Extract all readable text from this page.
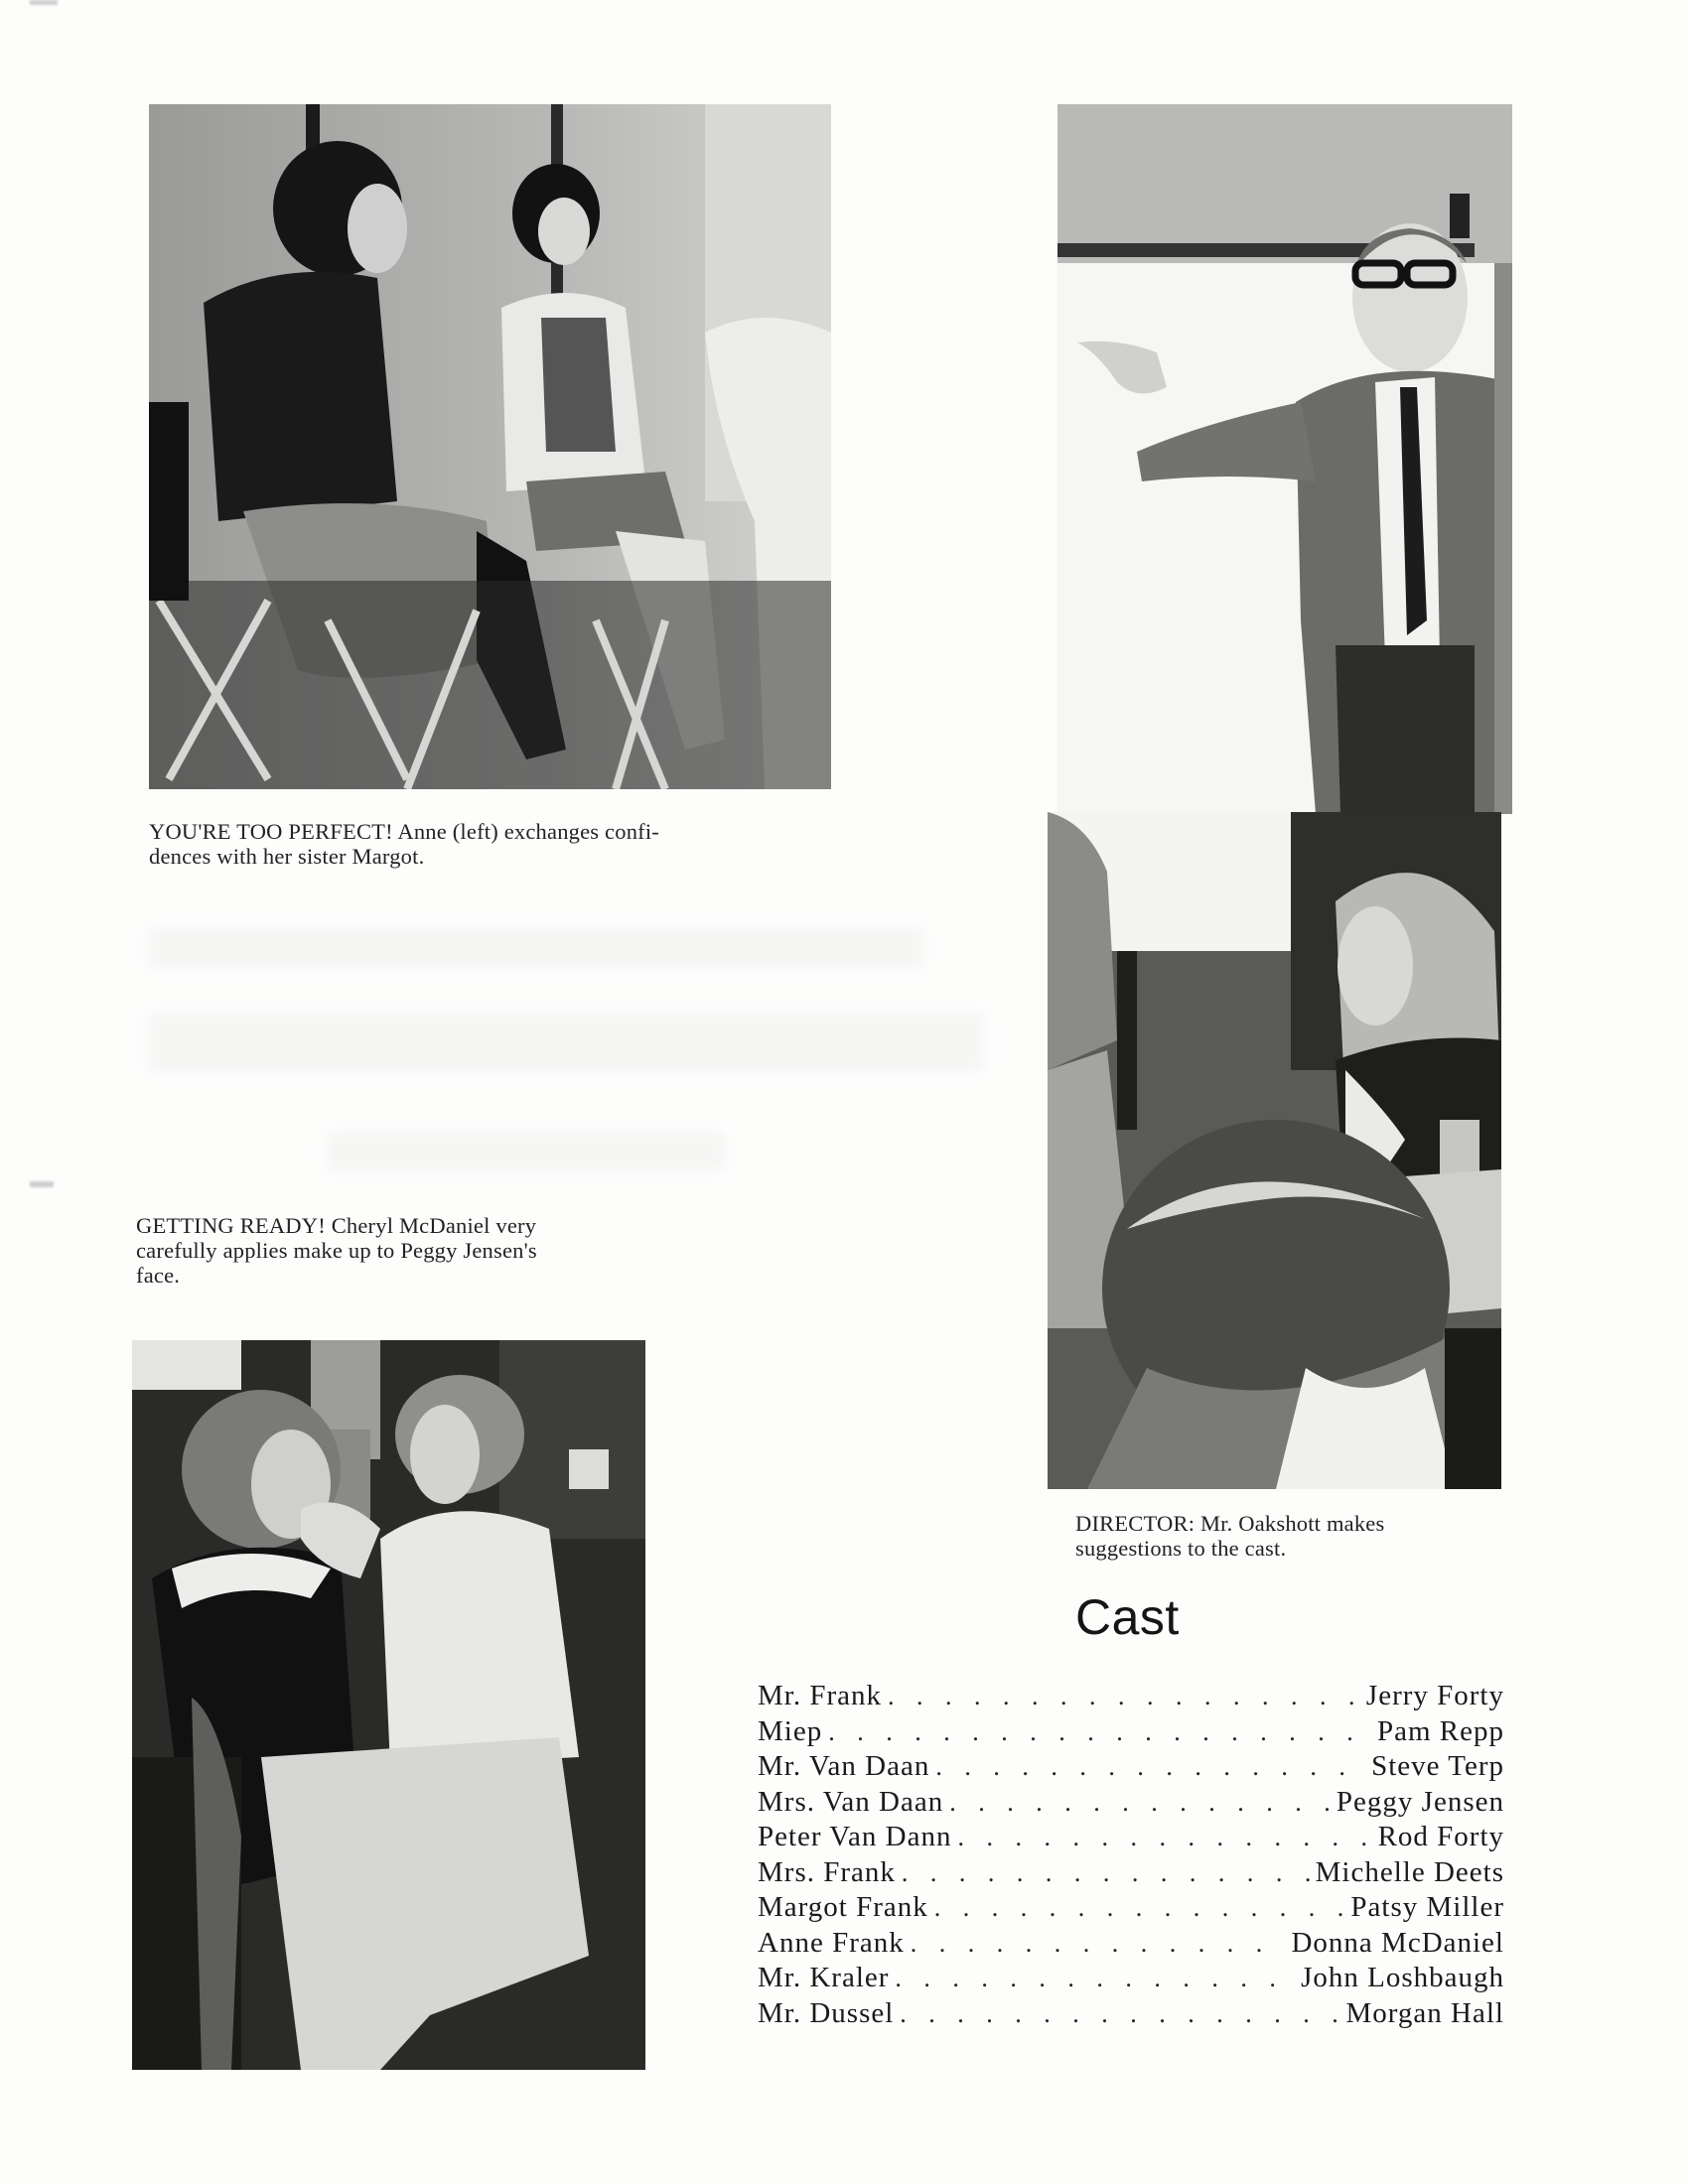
YOU'RE TOO PERFECT! Anne (left) exchanges confi-
dences with her sister Margot.
DIRECTOR: Mr. Oakshott makes
suggestions to the cast.
Cast
Mr. Frank . . .	Jerry Forty
Miep . . .	Pam Repp
Mr. Van Daan . . .	Steve Terp
Mrs. Van Daan . . .	Peggy Jensen
Peter Van Dann . . .	Rod Forty
Mrs. Frank . . .	Michelle Deets
Margot Frank . . .	Patsy Miller
Anne Frank . . .	Donna McDaniel
Mr. Kraler . . .	John Loshbaugh
Mr. Dussel . . .	Morgan Hall
GETTING READY! Cheryl McDaniel very
carefully applies make up to Peggy Jensen's
face.
